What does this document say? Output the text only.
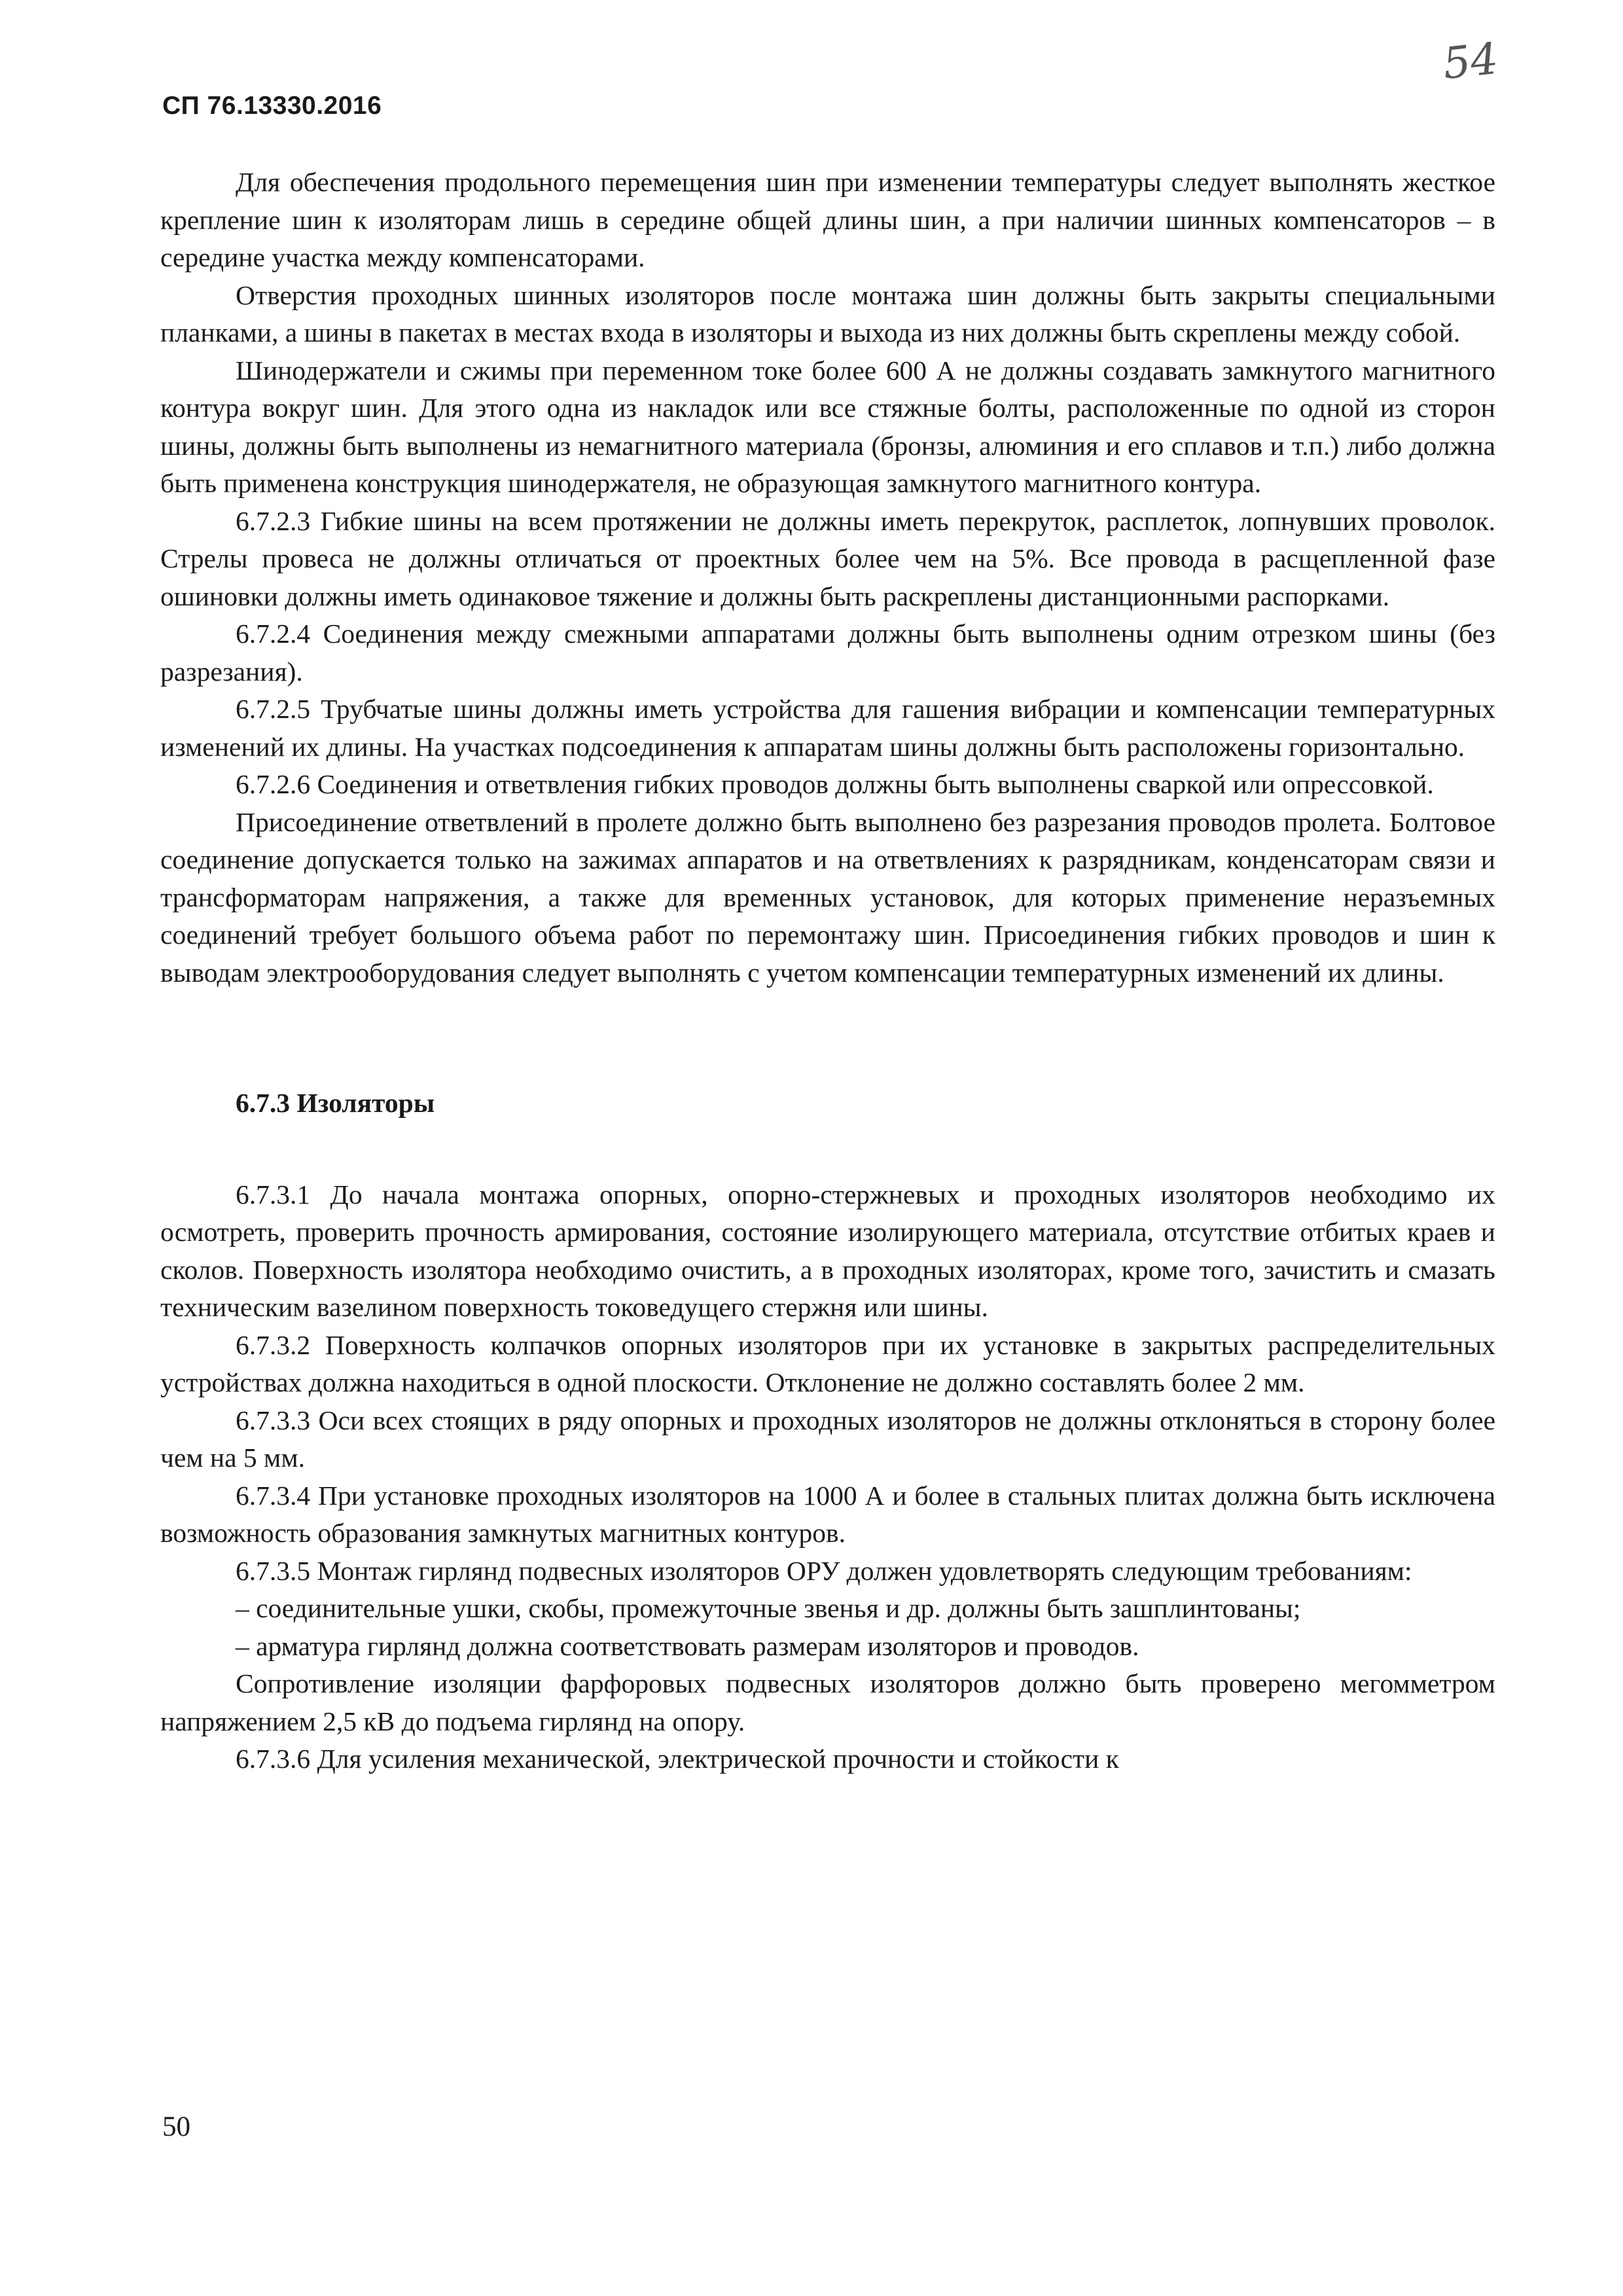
СП 76.13330.2016
54

Для обеспечения продольного перемещения шин при изменении температуры следует выполнять жесткое крепление шин к изоляторам лишь в середине общей длины шин, а при наличии шинных компенсаторов – в середине участка между компенсаторами.

Отверстия проходных шинных изоляторов после монтажа шин должны быть закрыты специальными планками, а шины в пакетах в местах входа в изоляторы и выхода из них должны быть скреплены между собой.

Шинодержатели и сжимы при переменном токе более 600 А не должны создавать замкнутого магнитного контура вокруг шин. Для этого одна из накладок или все стяжные болты, расположенные по одной из сторон шины, должны быть выполнены из немагнитного материала (бронзы, алюминия и его сплавов и т.п.) либо должна быть применена конструкция шинодержателя, не образующая замкнутого магнитного контура.

6.7.2.3 Гибкие шины на всем протяжении не должны иметь перекруток, расплеток, лопнувших проволок. Стрелы провеса не должны отличаться от проектных более чем на 5%. Все провода в расщепленной фазе ошиновки должны иметь одинаковое тяжение и должны быть раскреплены дистанционными распорками.

6.7.2.4 Соединения между смежными аппаратами должны быть выполнены одним отрезком шины (без разрезания).

6.7.2.5 Трубчатые шины должны иметь устройства для гашения вибрации и компенсации температурных изменений их длины. На участках подсоединения к аппаратам шины должны быть расположены горизонтально.

6.7.2.6 Соединения и ответвления гибких проводов должны быть выполнены сваркой или опрессовкой.

Присоединение ответвлений в пролете должно быть выполнено без разрезания проводов пролета. Болтовое соединение допускается только на зажимах аппаратов и на ответвлениях к разрядникам, конденсаторам связи и трансформаторам напряжения, а также для временных установок, для которых применение неразъемных соединений требует большого объема работ по перемонтажу шин. Присоединения гибких проводов и шин к выводам электрооборудования следует выполнять с учетом компенсации температурных изменений их длины.

6.7.3 Изоляторы

6.7.3.1 До начала монтажа опорных, опорно-стержневых и проходных изоляторов необходимо их осмотреть, проверить прочность армирования, состояние изолирующего материала, отсутствие отбитых краев и сколов. Поверхность изолятора необходимо очистить, а в проходных изоляторах, кроме того, зачистить и смазать техническим вазелином поверхность токоведущего стержня или шины.

6.7.3.2 Поверхность колпачков опорных изоляторов при их установке в закрытых распределительных устройствах должна находиться в одной плоскости. Отклонение не должно составлять более 2 мм.

6.7.3.3 Оси всех стоящих в ряду опорных и проходных изоляторов не должны отклоняться в сторону более чем на 5 мм.

6.7.3.4 При установке проходных изоляторов на 1000 А и более в стальных плитах должна быть исключена возможность образования замкнутых магнитных контуров.

6.7.3.5 Монтаж гирлянд подвесных изоляторов ОРУ должен удовлетворять следующим требованиям:

– соединительные ушки, скобы, промежуточные звенья и др. должны быть зашплинтованы;

– арматура гирлянд должна соответствовать размерам изоляторов и проводов.

Сопротивление изоляции фарфоровых подвесных изоляторов должно быть проверено мегомметром напряжением 2,5 кВ до подъема гирлянд на опору.

6.7.3.6 Для усиления механической, электрической прочности и стойкости к

50
